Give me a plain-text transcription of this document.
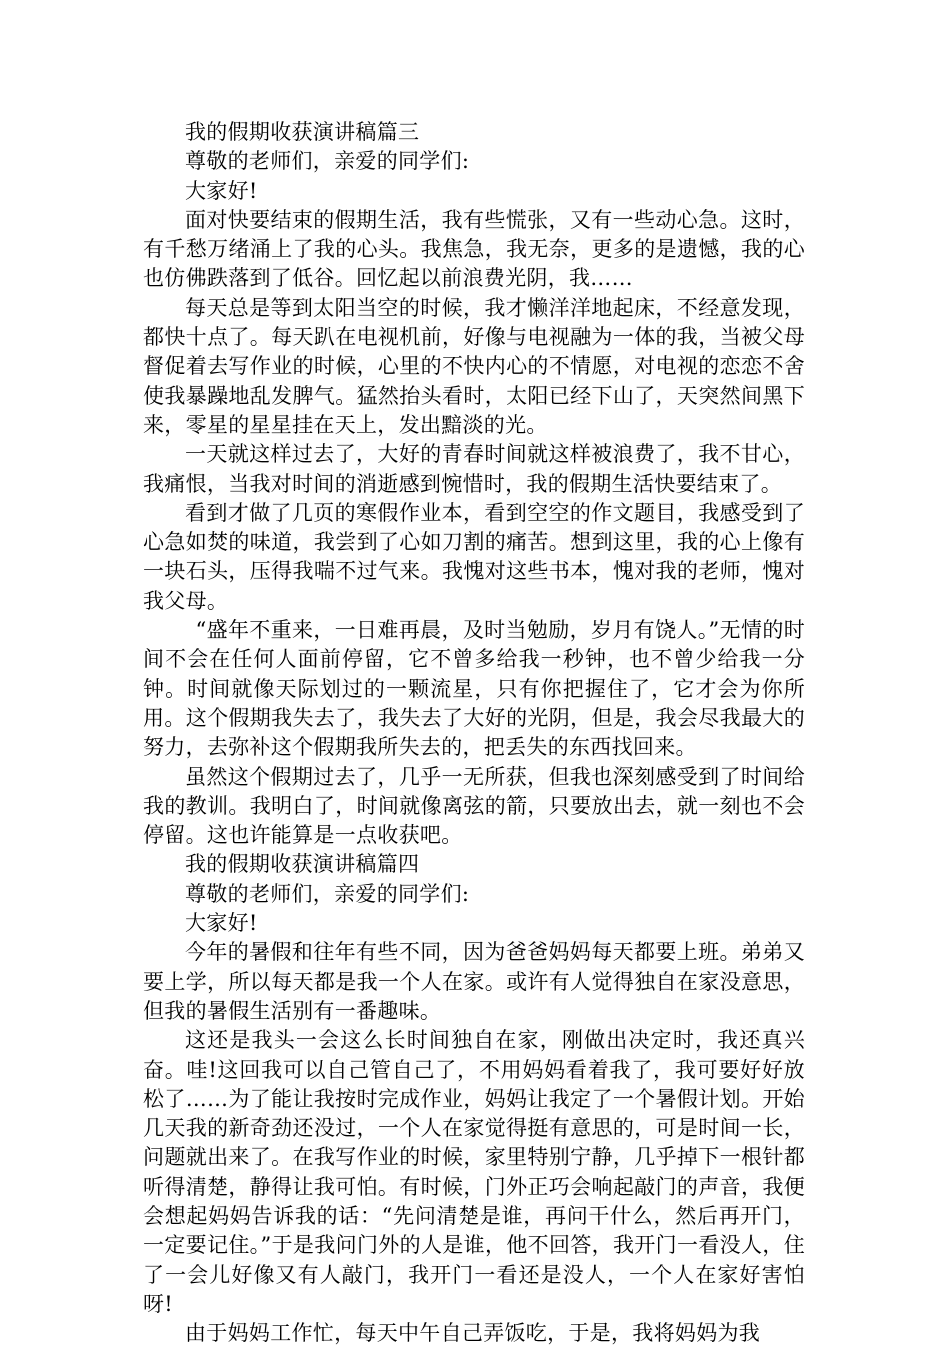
我的假期收获演讲稿篇三

尊敬的老师们，亲爱的同学们:

大家好!

面对快要结束的假期生活，我有些慌张，又有一些动心急。这时，有千愁万绪涌上了我的心头。我焦急，我无奈，更多的是遗憾，我的心也仿佛跌落到了低谷。回忆起以前浪费光阴，我……

每天总是等到太阳当空的时候，我才懒洋洋地起床，不经意发现，都快十点了。每天趴在电视机前，好像与电视融为一体的我，当被父母督促着去写作业的时候，心里的不快内心的不情愿，对电视的恋恋不舍使我暴躁地乱发脾气。猛然抬头看时，太阳已经下山了，天突然间黑下来，零星的星星挂在天上，发出黯淡的光。

一天就这样过去了，大好的青春时间就这样被浪费了，我不甘心，我痛恨，当我对时间的消逝感到惋惜时，我的假期生活快要结束了。

看到才做了几页的寒假作业本，看到空空的作文题目，我感受到了心急如焚的味道，我尝到了心如刀割的痛苦。想到这里，我的心上像有一块石头，压得我喘不过气来。我愧对这些书本，愧对我的老师，愧对我父母。

“盛年不重来，一日难再晨，及时当勉励，岁月有饶人。”无情的时间不会在任何人面前停留，它不曾多给我一秒钟，也不曾少给我一分钟。时间就像天际划过的一颗流星，只有你把握住了，它才会为你所用。这个假期我失去了，我失去了大好的光阴，但是，我会尽我最大的努力，去弥补这个假期我所失去的，把丢失的东西找回来。

虽然这个假期过去了，几乎一无所获，但我也深刻感受到了时间给我的教训。我明白了，时间就像离弦的箭，只要放出去，就一刻也不会停留。这也许能算是一点收获吧。

我的假期收获演讲稿篇四

尊敬的老师们，亲爱的同学们:

大家好!

今年的暑假和往年有些不同，因为爸爸妈妈每天都要上班。弟弟又要上学，所以每天都是我一个人在家。或许有人觉得独自在家没意思，但我的暑假生活别有一番趣味。

这还是我头一会这么长时间独自在家，刚做出决定时，我还真兴奋。哇!这回我可以自己管自己了，不用妈妈看着我了，我可要好好放松了……为了能让我按时完成作业，妈妈让我定了一个暑假计划。开始几天我的新奇劲还没过，一个人在家觉得挺有意思的，可是时间一长，问题就出来了。在我写作业的时候，家里特别宁静，几乎掉下一根针都听得清楚，静得让我可怕。有时候，门外正巧会响起敲门的声音，我便会想起妈妈告诉我的话：“先问清楚是谁，再问干什么，然后再开门，一定要记住。”于是我问门外的人是谁，他不回答，我开门一看没人，住了一会儿好像又有人敲门，我开门一看还是没人，一个人在家好害怕呀!

由于妈妈工作忙，每天中午自己弄饭吃，于是，我将妈妈为我
